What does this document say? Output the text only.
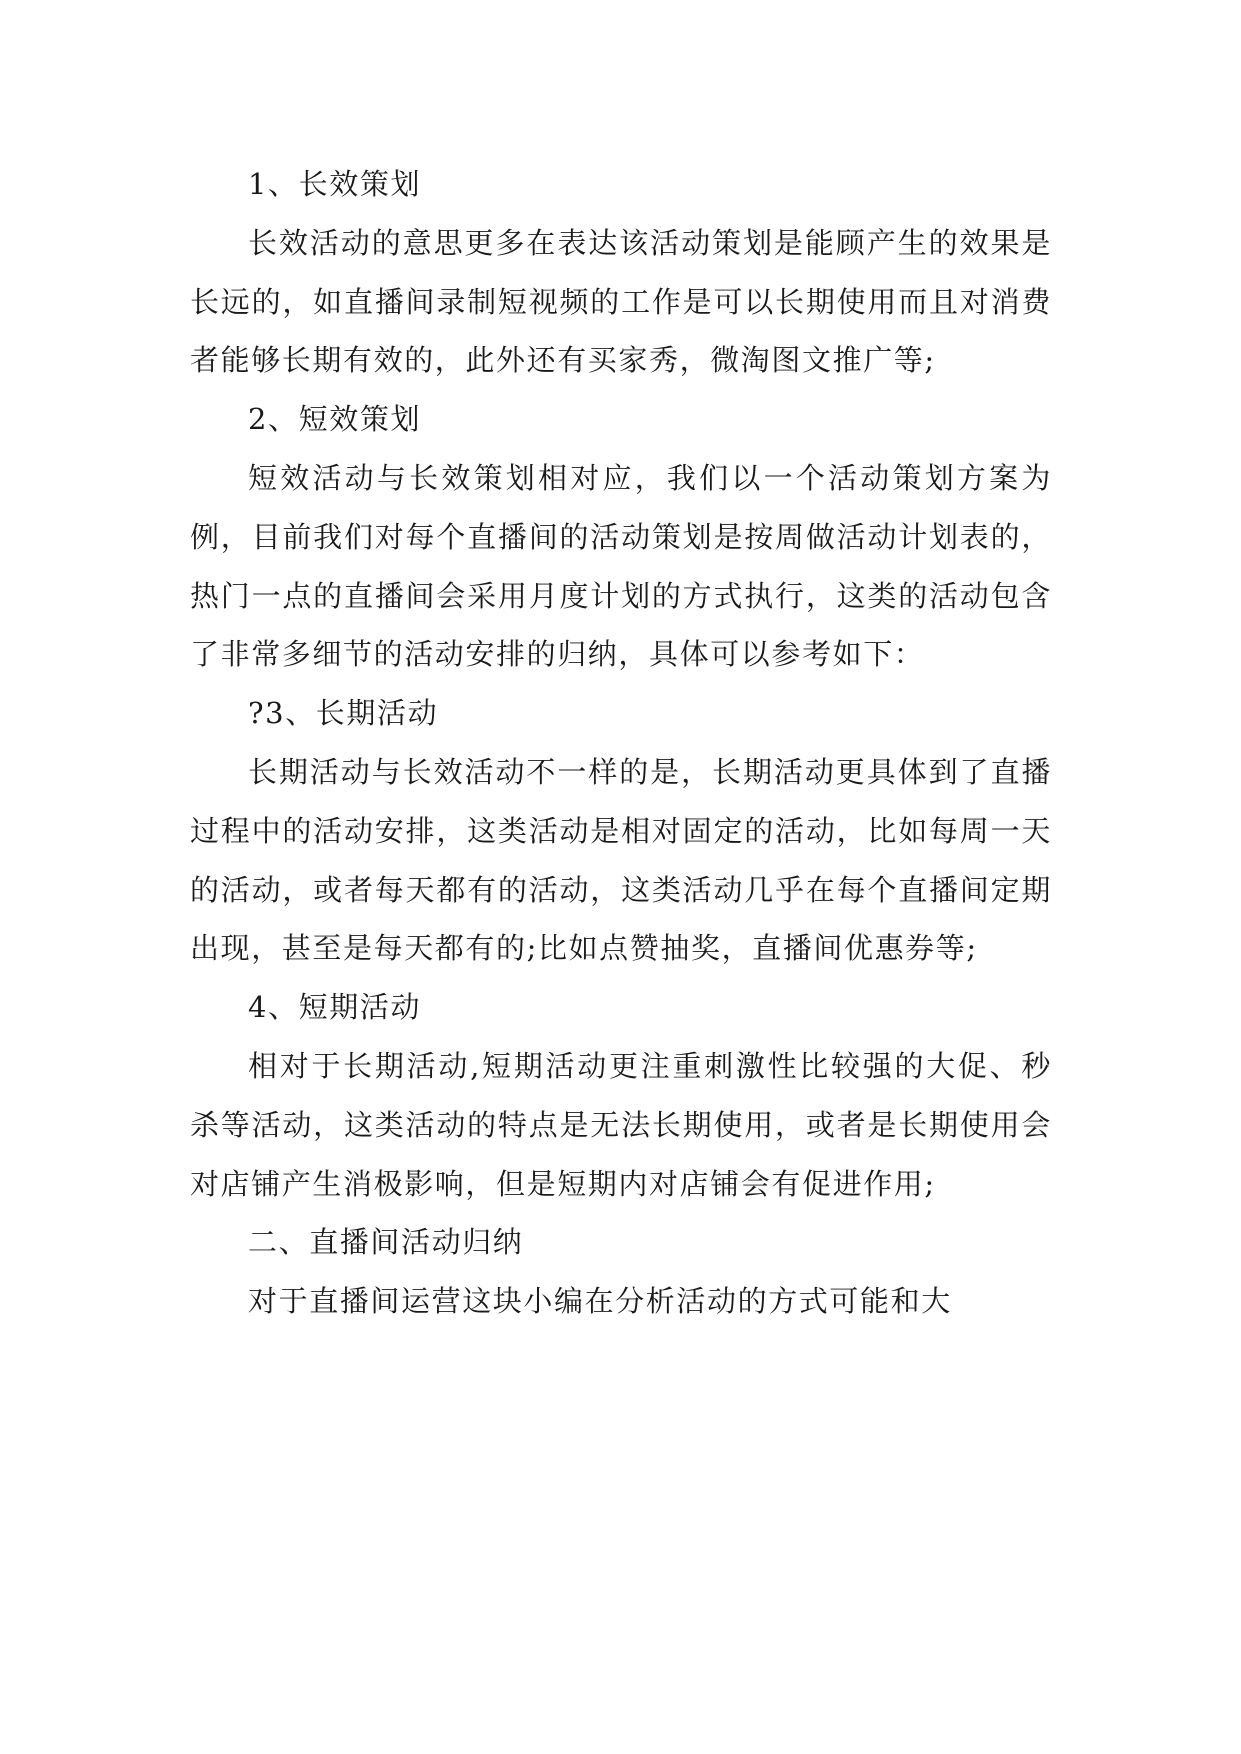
1、长效策划

长效活动的意思更多在表达该活动策划是能顾产生的效果是长远的，如直播间录制短视频的工作是可以长期使用而且对消费者能够长期有效的，此外还有买家秀，微淘图文推广等;

2、短效策划

短效活动与长效策划相对应，我们以一个活动策划方案为例，目前我们对每个直播间的活动策划是按周做活动计划表的，热门一点的直播间会采用月度计划的方式执行，这类的活动包含了非常多细节的活动安排的归纳，具体可以参考如下：

?3、长期活动

长期活动与长效活动不一样的是，长期活动更具体到了直播过程中的活动安排，这类活动是相对固定的活动，比如每周一天的活动，或者每天都有的活动，这类活动几乎在每个直播间定期出现，甚至是每天都有的;比如点赞抽奖，直播间优惠券等;

4、短期活动

相对于长期活动,短期活动更注重刺激性比较强的大促、秒杀等活动，这类活动的特点是无法长期使用，或者是长期使用会对店铺产生消极影响，但是短期内对店铺会有促进作用;

二、直播间活动归纳

对于直播间运营这块小编在分析活动的方式可能和大
